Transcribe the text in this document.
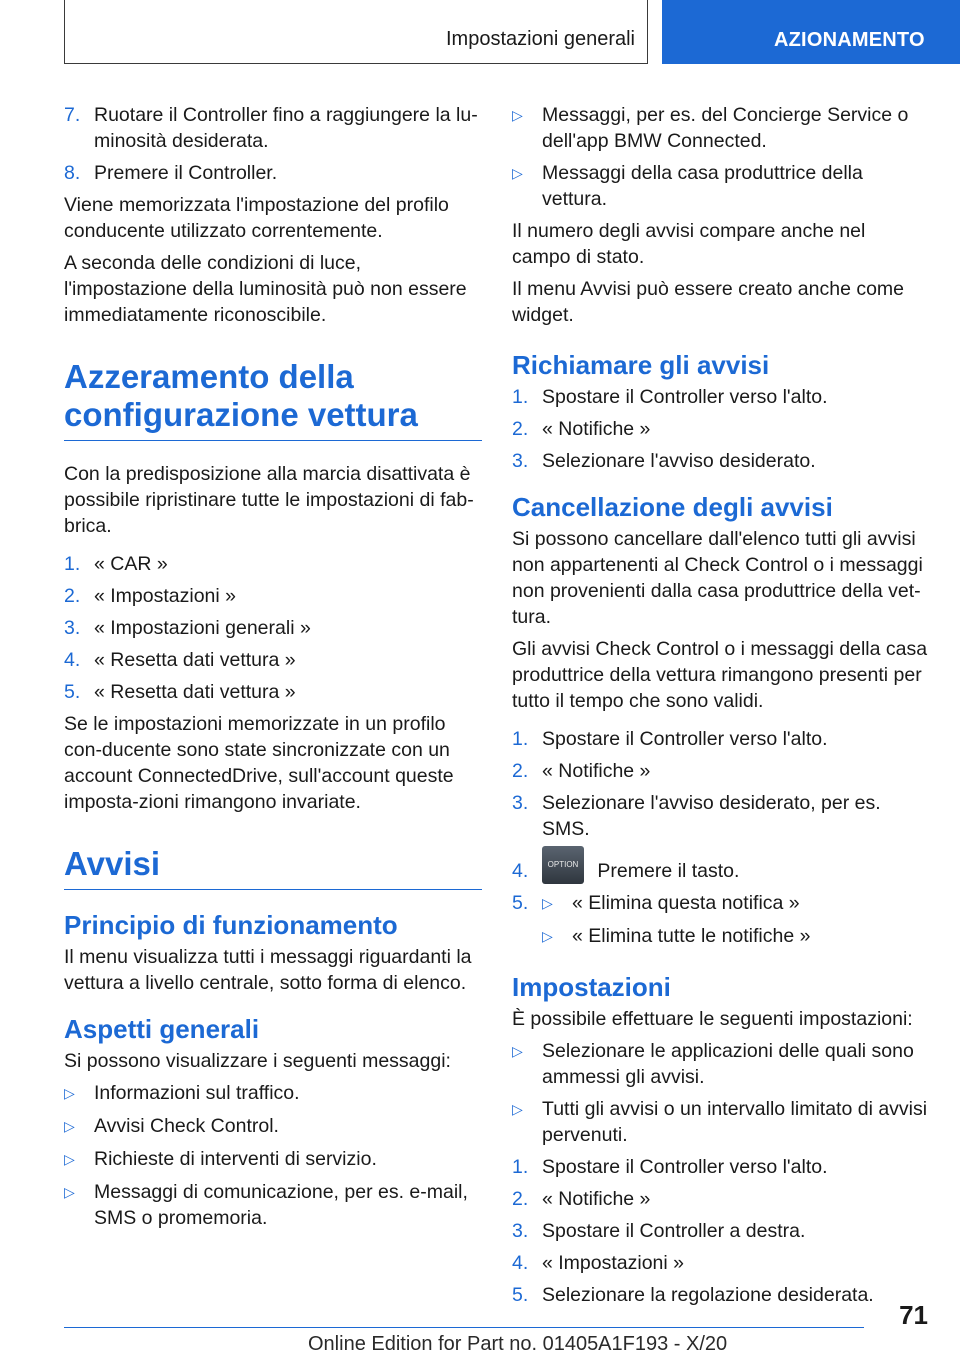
Impostazioni generali	AZIONAMENTO
7. Ruotare il Controller fino a raggiungere la lu-minosità desiderata.
8. Premere il Controller.

Viene memorizzata l'impostazione del profilo conducente utilizzato correntemente.

A seconda delle condizioni di luce, l'impostazione della luminosità può non essere immediatamente riconoscibile.

Azzeramento della configurazione vettura

Con la predisposizione alla marcia disattivata è possibile ripristinare tutte le impostazioni di fab-brica.

1. « CAR »
2. « Impostazioni »
3. « Impostazioni generali »
4. « Resetta dati vettura »
5. « Resetta dati vettura »

Se le impostazioni memorizzate in un profilo con-ducente sono state sincronizzate con un account ConnectedDrive, sull'account queste imposta-zioni rimangono invariate.

Avvisi
Principio di funzionamento

Il menu visualizza tutti i messaggi riguardanti la vettura a livello centrale, sotto forma di elenco.

Aspetti generali

Si possono visualizzare i seguenti messaggi:

▷ Informazioni sul traffico.
▷ Avvisi Check Control.
▷ Richieste di interventi di servizio.
▷ Messaggi di comunicazione, per es. e-mail, SMS o promemoria.
▷ Messaggi, per es. del Concierge Service o dell'app BMW Connected.
▷ Messaggi della casa produttrice della vettura.

Il numero degli avvisi compare anche nel campo di stato.

Il menu Avvisi può essere creato anche come widget.

Richiamare gli avvisi
1. Spostare il Controller verso l'alto.
2. « Notifiche »
3. Selezionare l'avviso desiderato.
Cancellazione degli avvisi

Si possono cancellare dall'elenco tutti gli avvisi non appartenenti al Check Control o i messaggi non provenienti dalla casa produttrice della vet-tura.

Gli avvisi Check Control o i messaggi della casa produttrice della vettura rimangono presenti per tutto il tempo che sono validi.

1. Spostare il Controller verso l'alto.
2. « Notifiche »
3. Selezionare l'avviso desiderato, per es. SMS.
4.	OPTION Premere il tasto.
5. ▷ « Elimina questa notifica »
▷ « Elimina tutte le notifiche »
Impostazioni

È possibile effettuare le seguenti impostazioni:

▷ Selezionare le applicazioni delle quali sono ammessi gli avvisi.
▷ Tutti gli avvisi o un intervallo limitato di avvisi pervenuti.
1. Spostare il Controller verso l'alto.
2. « Notifiche »
3. Spostare il Controller a destra.
4. « Impostazioni »
5. Selezionare la regolazione desiderata.
71
Online Edition for Part no. 01405A1F193 - X/20
